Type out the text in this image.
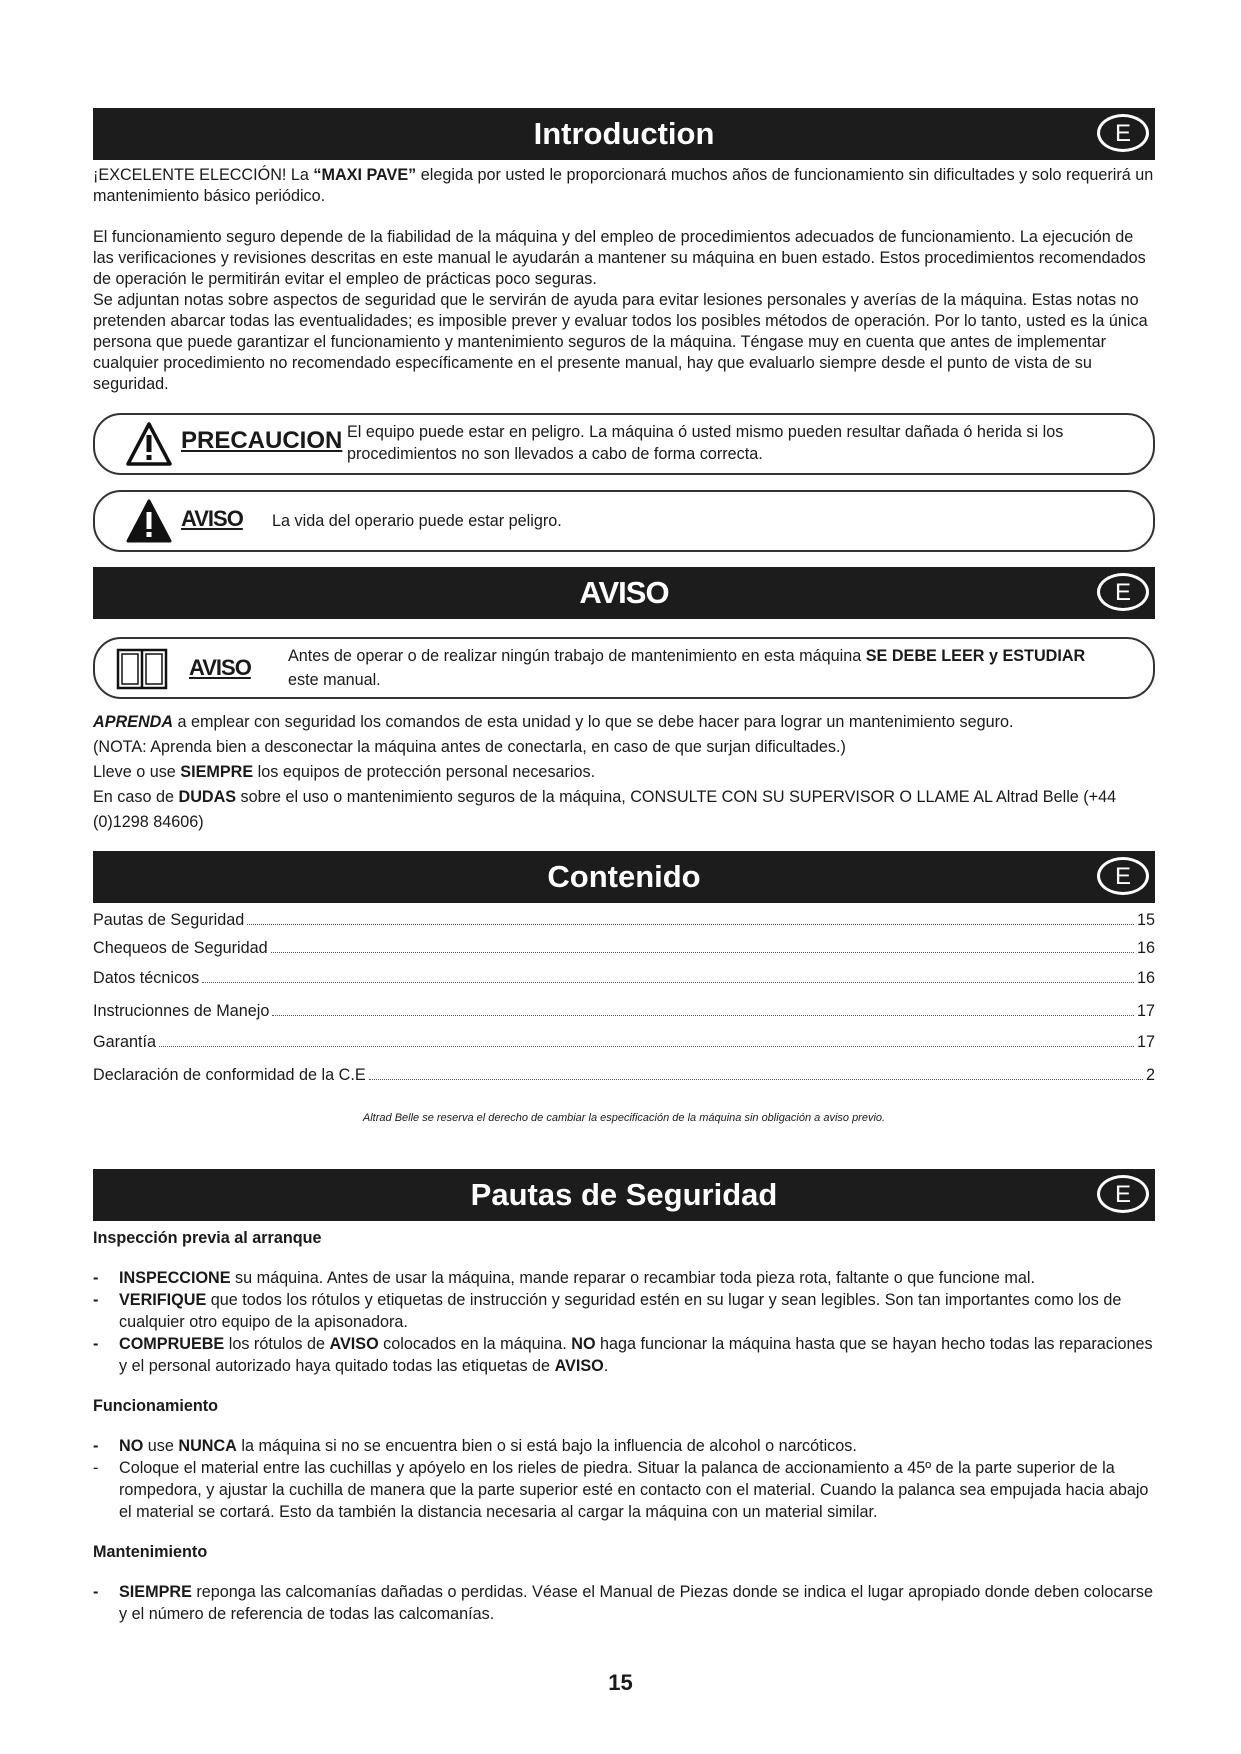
Introduction	E

¡EXCELENTE ELECCIÓN! La “MAXI PAVE” elegida por usted le proporcionará muchos años de funcionamiento sin dificultades y solo requerirá un mantenimiento básico periódico.

El funcionamiento seguro depende de la fiabilidad de la máquina y del empleo de procedimientos adecuados de funcionamiento. La ejecución de las verificaciones y revisiones descritas en este manual le ayudarán a mantener su máquina en buen estado. Estos procedimientos recomendados de operación le permitirán evitar el empleo de prácticas poco seguras.

Se adjuntan notas sobre aspectos de seguridad que le servirán de ayuda para evitar lesiones personales y averías de la máquina. Estas notas no pretenden abarcar todas las eventualidades; es imposible prever y evaluar todos los posibles métodos de operación. Por lo tanto, usted es la única persona que puede garantizar el funcionamiento y mantenimiento seguros de la máquina. Téngase muy en cuenta que antes de implementar cualquier procedimiento no recomendado específicamente en el presente manual, hay que evaluarlo siempre desde el punto de vista de su seguridad.

PRECAUCION El equipo puede estar en peligro. La máquina ó usted mismo pueden resultar dañada ó herida si los procedimientos no son llevados a cabo de forma correcta.
AVISO La vida del operario puede estar peligro.
AVISO	E
AVISO Antes de operar o de realizar ningún trabajo de mantenimiento en esta máquina SE DEBE LEER y ESTUDIAR este manual.

APRENDA a emplear con seguridad los comandos de esta unidad y lo que se debe hacer para lograr un mantenimiento seguro.

(NOTA: Aprenda bien a desconectar la máquina antes de conectarla, en caso de que surjan dificultades.)

Lleve o use SIEMPRE los equipos de protección personal necesarios.

En caso de DUDAS sobre el uso o mantenimiento seguros de la máquina, CONSULTE CON SU SUPERVISOR O LLAME AL Altrad Belle (+44 (0)1298 84606)

Contenido	E
Pautas de Seguridad	15
Chequeos de Seguridad	16
Datos técnicos	16
Instrucionnes de Manejo	17
Garantía	17
Declaración de conformidad de la C.E	2
Altrad Belle se reserva el derecho de cambiar la especificación de la máquina sin obligación a aviso previo.
Pautas de Seguridad	E

Inspección previa al arranque

-	INSPECCIONE su máquina. Antes de usar la máquina, mande reparar o recambiar toda pieza rota, faltante o que funcione mal.
-	VERIFIQUE que todos los rótulos y etiquetas de instrucción y seguridad estén en su lugar y sean legibles. Son tan importantes como los de cualquier otro equipo de la apisonadora.
-	COMPRUEBE los rótulos de AVISO colocados en la máquina. NO haga funcionar la máquina hasta que se hayan hecho todas las reparaciones y el personal autorizado haya quitado todas las etiquetas de AVISO.

Funcionamiento

-	NO use NUNCA la máquina si no se encuentra bien o si está bajo la influencia de alcohol o narcóticos.
-	Coloque el material entre las cuchillas y apóyelo en los rieles de piedra. Situar la palanca de accionamiento a 45º de la parte superior de la rompedora, y ajustar la cuchilla de manera que la parte superior esté en contacto con el material. Cuando la palanca sea empujada hacia abajo el material se cortará. Esto da también la distancia necesaria al cargar la máquina con un material similar.

Mantenimiento

-	SIEMPRE reponga las calcomanías dañadas o perdidas. Véase el Manual de Piezas donde se indica el lugar apropiado donde deben colocarse y el número de referencia de todas las calcomanías.
15
